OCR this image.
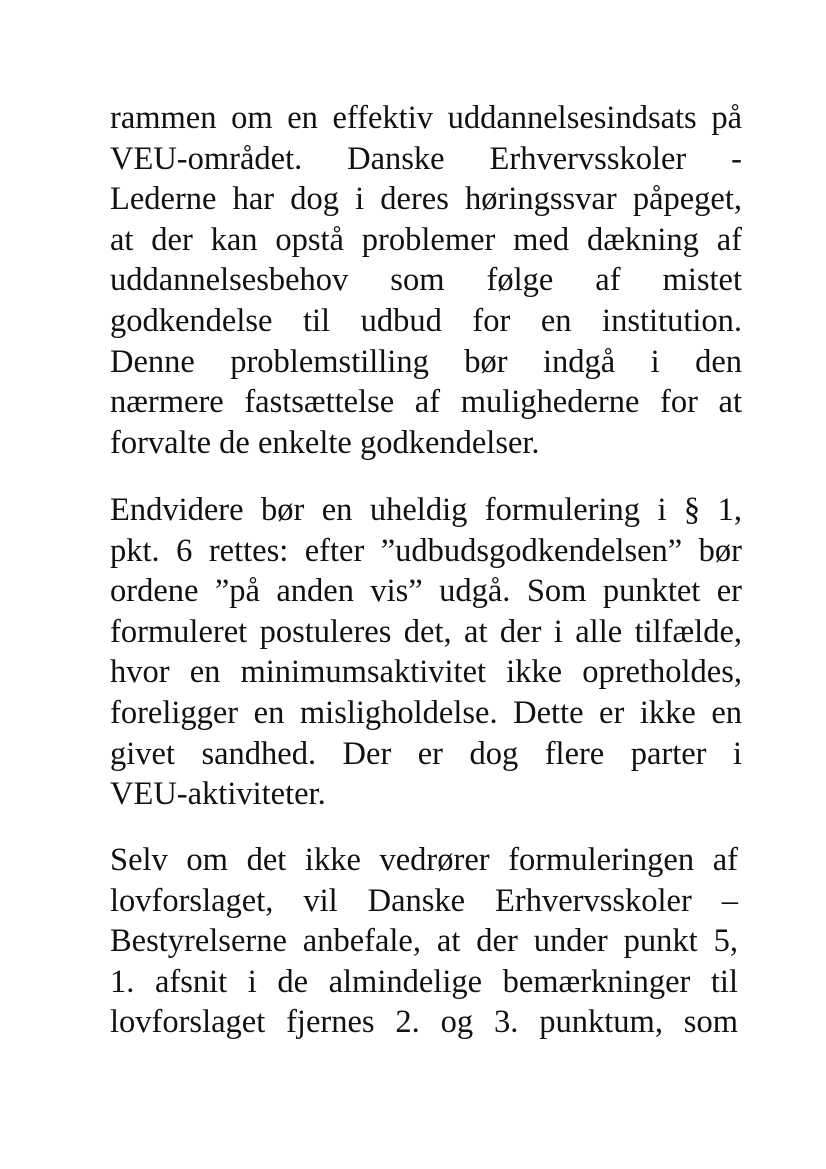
rammen om en effektiv uddannelsesindsats på
VEU-området. Danske Erhvervsskoler -
Lederne har dog i deres høringssvar påpeget,
at der kan opstå problemer med dækning af
uddannelsesbehov som følge af mistet
godkendelse til udbud for en institution.
Denne problemstilling bør indgå i den
nærmere fastsættelse af mulighederne for at
forvalte de enkelte godkendelser.
Endvidere bør en uheldig formulering i § 1,
pkt. 6 rettes: efter ”udbudsgodkendelsen” bør
ordene ”på anden vis” udgå. Som punktet er
formuleret postuleres det, at der i alle tilfælde,
hvor en minimumsaktivitet ikke opretholdes,
foreligger en misligholdelse. Dette er ikke en
givet sandhed. Der er dog flere parter i
VEU-aktiviteter.
Selv om det ikke vedrører formuleringen af
lovforslaget, vil Danske Erhvervsskoler –
Bestyrelserne anbefale, at der under punkt 5,
1. afsnit i de almindelige bemærkninger til
lovforslaget fjernes 2. og 3. punktum, som
